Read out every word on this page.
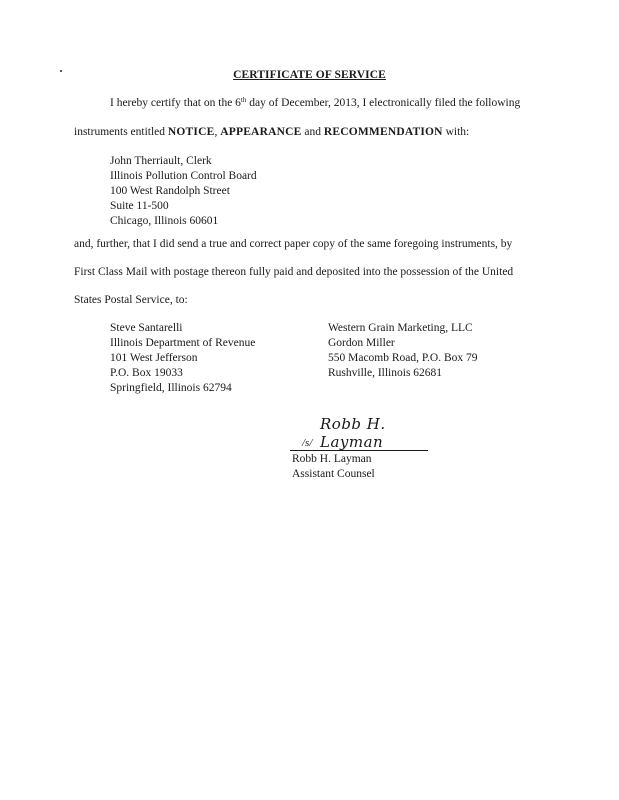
CERTIFICATE OF SERVICE
I hereby certify that on the 6th day of December, 2013, I electronically filed the following
instruments entitled NOTICE, APPEARANCE and RECOMMENDATION with:
John Therriault, Clerk
Illinois Pollution Control Board
100 West Randolph Street
Suite 11-500
Chicago, Illinois 60601
and, further, that I did send a true and correct paper copy of the same foregoing instruments, by
First Class Mail with postage thereon fully paid and deposited into the possession of the United
States Postal Service, to:
Steve Santarelli
Illinois Department of Revenue
101 West Jefferson
P.O. Box 19033
Springfield, Illinois 62794
Western Grain Marketing, LLC
Gordon Miller
550 Macomb Road, P.O. Box 79
Rushville, Illinois 62681
/s/
Robb H. Layman
Robb H. Layman
Assistant Counsel
